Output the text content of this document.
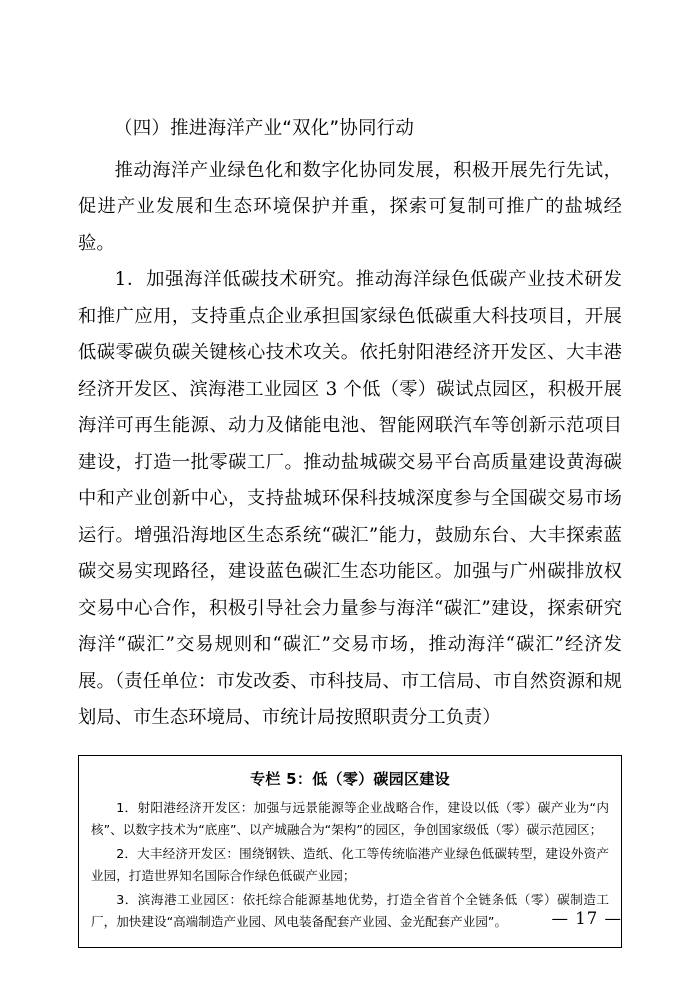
（四）推进海洋产业“双化”协同行动

推动海洋产业绿色化和数字化协同发展，积极开展先行先试，促进产业发展和生态环境保护并重，探索可复制可推广的盐城经验。

1．加强海洋低碳技术研究。推动海洋绿色低碳产业技术研发和推广应用，支持重点企业承担国家绿色低碳重大科技项目，开展低碳零碳负碳关键核心技术攻关。依托射阳港经济开发区、大丰港经济开发区、滨海港工业园区 3 个低（零）碳试点园区，积极开展海洋可再生能源、动力及储能电池、智能网联汽车等创新示范项目建设，打造一批零碳工厂。推动盐城碳交易平台高质量建设黄海碳中和产业创新中心，支持盐城环保科技城深度参与全国碳交易市场运行。增强沿海地区生态系统“碳汇”能力，鼓励东台、大丰探索蓝碳交易实现路径，建设蓝色碳汇生态功能区。加强与广州碳排放权交易中心合作，积极引导社会力量参与海洋“碳汇”建设，探索研究海洋“碳汇”交易规则和“碳汇”交易市场，推动海洋“碳汇”经济发展。（责任单位：市发改委、市科技局、市工信局、市自然资源和规划局、市生态环境局、市统计局按照职责分工负责）

专栏 5：低（零）碳园区建设

1．射阳港经济开发区：加强与远景能源等企业战略合作，建设以低（零）碳产业为“内核”、以数字技术为“底座”、以产城融合为“架构”的园区，争创国家级低（零）碳示范园区；

2．大丰经济开发区：围绕钢铁、造纸、化工等传统临港产业绿色低碳转型，建设外资产业园，打造世界知名国际合作绿色低碳产业园；

3．滨海港工业园区：依托综合能源基地优势，打造全省首个全链条低（零）碳制造工厂，加快建设“高端制造产业园、风电装备配套产业园、金光配套产业园”。	— 17 —
